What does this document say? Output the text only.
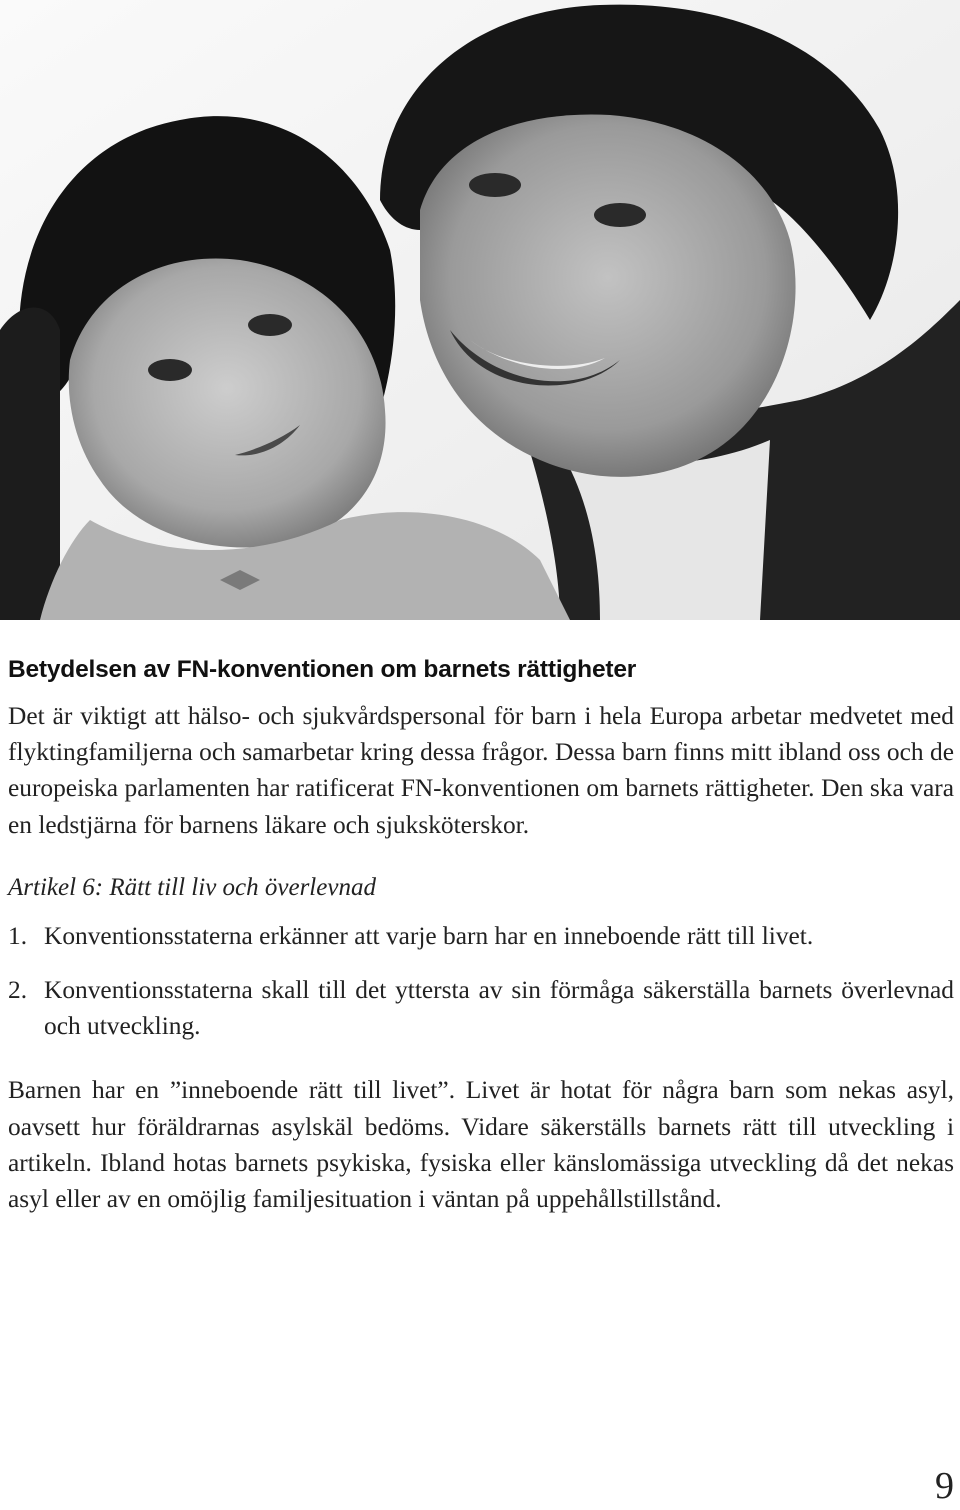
Betydelsen av FN-konventionen om barnets rättigheter

Det är viktigt att hälso- och sjukvårdspersonal för barn i hela Europa arbetar medvetet med flyktingfamiljerna och samarbetar kring dessa frågor. Dessa barn finns mitt ibland oss och de europeiska parlamenten har ratificerat FN-konventionen om barnets rättigheter. Den ska vara en ledstjärna för barnens läkare och sjuksköterskor.

Artikel 6: Rätt till liv och överlevnad
1. Konventionsstaterna erkänner att varje barn har en inneboende rätt till livet.
2. Konventionsstaterna skall till det yttersta av sin förmåga säkerställa barnets överlevnad och utveckling.

Barnen har en ”inneboende rätt till livet”. Livet är hotat för några barn som nekas asyl, oavsett hur föräldrarnas asylskäl bedöms. Vidare säkerställs barnets rätt till utveckling i artikeln. Ibland hotas barnets psykiska, fysiska eller känslomässiga utveckling då det nekas asyl eller av en omöjlig familjesituation i väntan på uppehållstillstånd.

9
